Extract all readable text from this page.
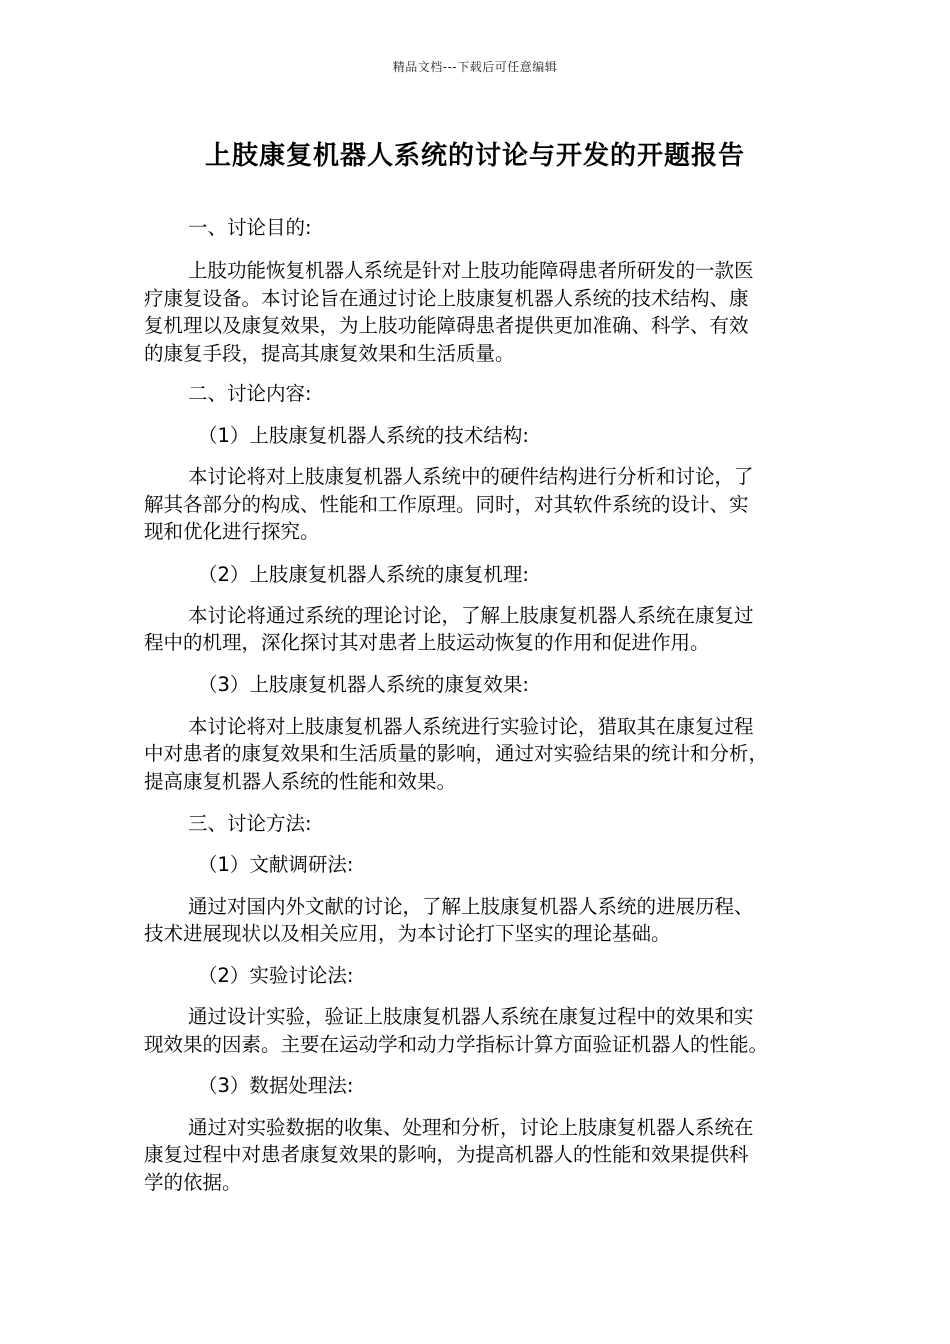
精品文档---下载后可任意编辑
上肢康复机器人系统的讨论与开发的开题报告
一、讨论目的:
上肢功能恢复机器人系统是针对上肢功能障碍患者所研发的一款医
疗康复设备。本讨论旨在通过讨论上肢康复机器人系统的技术结构、康
复机理以及康复效果，为上肢功能障碍患者提供更加准确、科学、有效
的康复手段，提高其康复效果和生活质量。
二、讨论内容:
（1）上肢康复机器人系统的技术结构:
本讨论将对上肢康复机器人系统中的硬件结构进行分析和讨论，了
解其各部分的构成、性能和工作原理。同时，对其软件系统的设计、实
现和优化进行探究。
（2）上肢康复机器人系统的康复机理:
本讨论将通过系统的理论讨论，了解上肢康复机器人系统在康复过
程中的机理，深化探讨其对患者上肢运动恢复的作用和促进作用。
（3）上肢康复机器人系统的康复效果:
本讨论将对上肢康复机器人系统进行实验讨论，猎取其在康复过程
中对患者的康复效果和生活质量的影响，通过对实验结果的统计和分析，
提高康复机器人系统的性能和效果。
三、讨论方法:
（1）文献调研法:
通过对国内外文献的讨论，了解上肢康复机器人系统的进展历程、
技术进展现状以及相关应用，为本讨论打下坚实的理论基础。
（2）实验讨论法:
通过设计实验，验证上肢康复机器人系统在康复过程中的效果和实
现效果的因素。主要在运动学和动力学指标计算方面验证机器人的性能。
（3）数据处理法:
通过对实验数据的收集、处理和分析，讨论上肢康复机器人系统在
康复过程中对患者康复效果的影响，为提高机器人的性能和效果提供科
学的依据。
